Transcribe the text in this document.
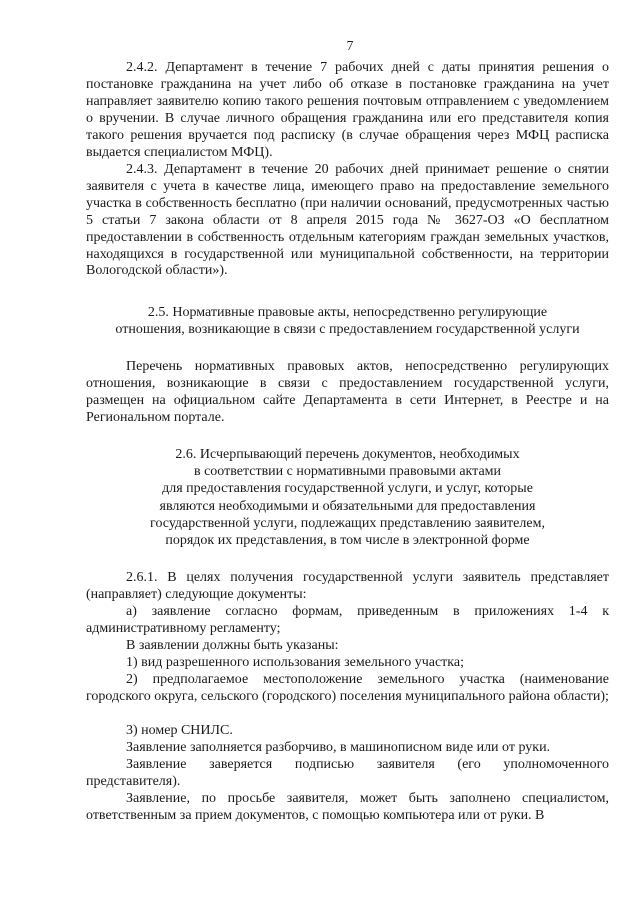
7

2.4.2. Департамент в течение 7 рабочих дней с даты принятия решения о постановке гражданина на учет либо об отказе в постановке гражданина на учет направляет заявителю копию такого решения почтовым отправлением с уведомлением о вручении. В случае личного обращения гражданина или его представителя копия такого решения вручается под расписку (в случае обращения через МФЦ расписка выдается специалистом МФЦ).

2.4.3. Департамент в течение 20 рабочих дней принимает решение о снятии заявителя с учета в качестве лица, имеющего право на предоставление земельного участка в собственность бесплатно (при наличии оснований, предусмотренных частью 5 статьи 7 закона области от 8 апреля 2015 года № 3627-ОЗ «О бесплатном предоставлении в собственность отдельным категориям граждан земельных участков, находящихся в государственной или муниципальной собственности, на территории Вологодской области»).

2.5. Нормативные правовые акты, непосредственно регулирующие
отношения, возникающие в связи с предоставлением государственной услуги

Перечень нормативных правовых актов, непосредственно регулирующих отношения, возникающие в связи с предоставлением государственной услуги, размещен на официальном сайте Департамента в сети Интернет, в Реестре и на Региональном портале.

2.6. Исчерпывающий перечень документов, необходимых
в соответствии с нормативными правовыми актами
для предоставления государственной услуги, и услуг, которые
являются необходимыми и обязательными для предоставления
государственной услуги, подлежащих представлению заявителем,
порядок их представления, в том числе в электронной форме

2.6.1. В целях получения государственной услуги заявитель представляет (направляет) следующие документы:

а) заявление согласно формам, приведенным в приложениях 1-4 к административному регламенту;

В заявлении должны быть указаны:

1) вид разрешенного использования земельного участка;

2) предполагаемое местоположение земельного участка (наименование городского округа, сельского (городского) поселения муниципального района области);

3) номер СНИЛС.

Заявление заполняется разборчиво, в машинописном виде или от руки.

Заявление заверяется подписью заявителя (его уполномоченного представителя).

Заявление, по просьбе заявителя, может быть заполнено специалистом, ответственным за прием документов, с помощью компьютера или от руки. В
